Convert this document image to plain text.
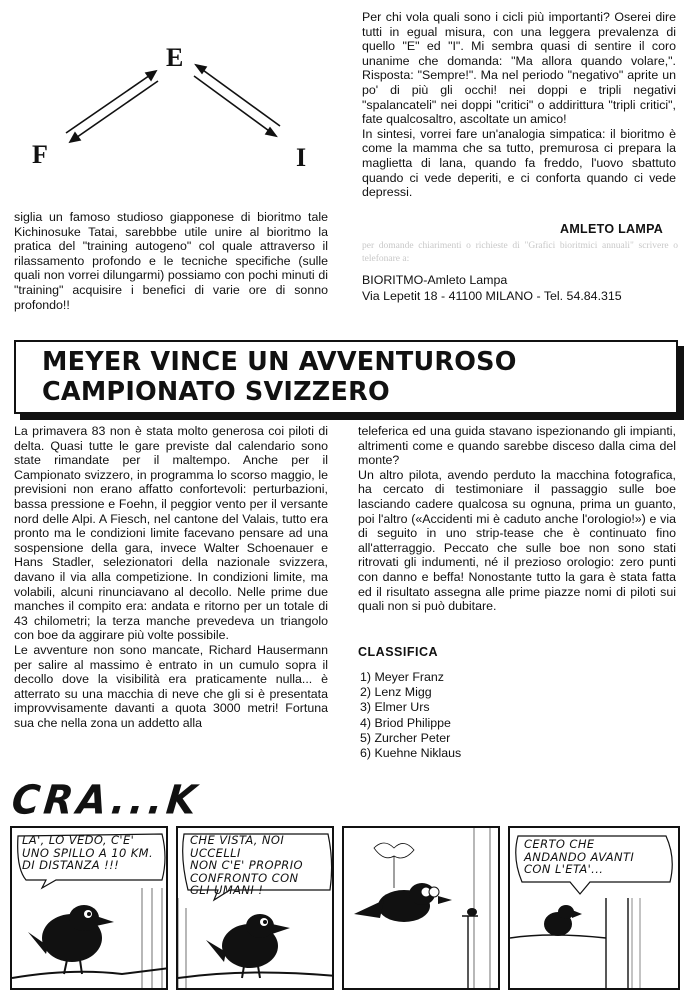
F
E
I

siglia un famoso studioso giapponese di bioritmo tale Kichinosuke Tatai, sarebbbe utile unire al bioritmo la pratica del "training autogeno" col quale attraverso il rilassamento profondo e le tecniche specifiche (sulle quali non vorrei dilungarmi) possiamo con pochi minuti di "training" acquisire i benefici di varie ore di sonno profondo!!

Per chi vola quali sono i cicli più importanti? Oserei dire tutti in egual misura, con una leggera prevalenza di quello "E" ed "I". Mi sembra quasi di sentire il coro unanime che domanda: "Ma allora quando volare,". Risposta: "Sempre!". Ma nel periodo "negativo" aprite un po' di più gli occhi! nei doppi e tripli negativi "spalancateli" nei doppi "critici" o addirittura "tripli critici", fate qualcosaltro, ascoltate un amico!

In sintesi, vorrei fare un'analogia simpatica: il bioritmo è come la mamma che sa tutto, premurosa ci prepara la maglietta di lana, quando fa freddo, l'uovo sbattuto quando ci vede deperiti, e ci conforta quando ci vede depressi.

AMLETO LAMPA
per domande chiarimenti o richieste di "Grafici bioritmici annuali" scrivere o telefonare a:
BIORITMO-Amleto Lampa
Via Lepetit 18 - 41100 MILANO - Tel. 54.84.315
MEYER VINCE UN AVVENTUROSO
CAMPIONATO SVIZZERO

La primavera 83 non è stata molto generosa coi piloti di delta. Quasi tutte le gare previste dal calendario sono state rimandate per il maltempo. Anche per il Campionato svizzero, in programma lo scorso maggio, le previsioni non erano affatto confortevoli: perturbazioni, bassa pressione e Foehn, il peggior vento per il versante nord delle Alpi. A Fiesch, nel cantone del Valais, tutto era pronto ma le condizioni limite facevano pensare ad una sospensione della gara, invece Walter Schoenauer e Hans Stadler, selezionatori della nazionale svizzera, davano il via alla competizione. In condizioni limite, ma volabili, alcuni rinunciavano al decollo. Nelle prime due manches il compito era: andata e ritorno per un totale di 43 chilometri; la terza manche prevedeva un triangolo con boe da aggirare più volte possibile.

Le avventure non sono mancate, Richard Hausermann per salire al massimo è entrato in un cumulo sopra il decollo dove la visibilità era praticamente nulla... è atterrato su una macchia di neve che gli si è presentata improvvisamente davanti a quota 3000 metri! Fortuna sua che nella zona un addetto alla

teleferica ed una guida stavano ispezionando gli impianti, altrimenti come e quando sarebbe disceso dalla cima del monte?

Un altro pilota, avendo perduto la macchina fotografica, ha cercato di testimoniare il passaggio sulle boe lasciando cadere qualcosa su ognuna, prima un guanto, poi l'altro («Accidenti mi è caduto anche l'orologio!») e via di seguito in uno strip-tease che è continuato fino all'atterraggio. Peccato che sulle boe non sono stati ritrovati gli indumenti, né il prezioso orologio: zero punti con danno e beffa! Nonostante tutto la gara è stata fatta ed il risultato assegna alle prime piazze nomi di piloti sui quali non si può dubitare.

CLASSIFICA
1) Meyer Franz
2) Lenz Migg
3) Elmer Urs
4) Briod Philippe
5) Zurcher Peter
6) Kuehne Niklaus
CRA...K
LA', LO VEDO, C'E'
UNO SPILLO A 10 KM.
DI DISTANZA !!!
CHE VISTA, NOI UCCELLI
NON C'E' PROPRIO
CONFRONTO CON
GLI UMANI !
CERTO CHE
ANDANDO AVANTI
CON L'ETA'...
